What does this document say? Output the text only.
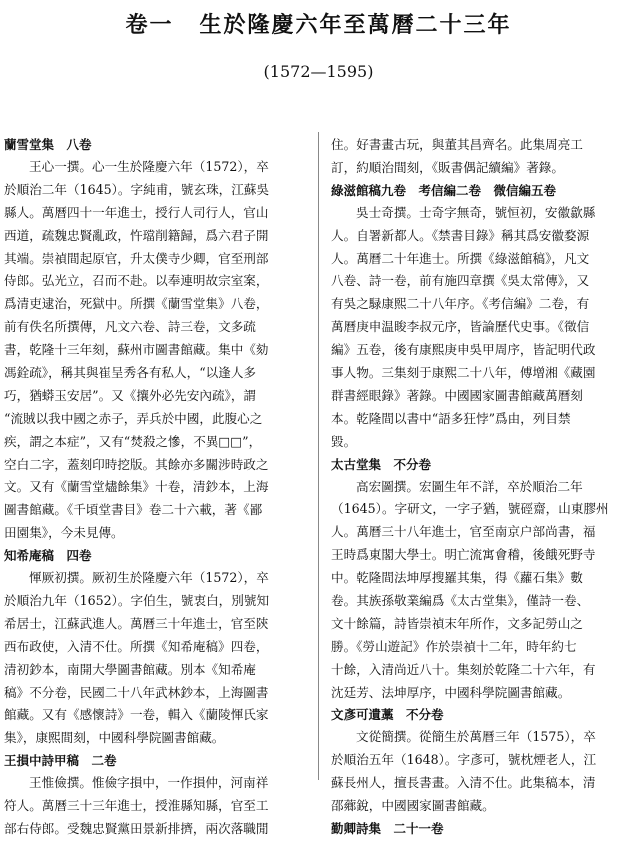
卷一 生於隆慶六年至萬曆二十三年
(1572—1595)
蘭雪堂集　八卷
王心一撰。心一生於隆慶六年（1572），卒
於順治二年（1645）。字純甫，號玄珠，江蘇吳
縣人。萬曆四十一年進士，授行人司行人，官山
西道，疏魏忠賢亂政，忤璫削籍歸，爲六君子開
其端。崇禎間起原官，升太僕寺少卿，官至刑部
侍郎。弘光立，召而不赴。以奉連明故宗室案，
爲清吏逮治，死獄中。所撰《蘭雪堂集》八卷，
前有佚名所撰傳，凡文六卷、詩三卷，文多疏
書，乾隆十三年刻，蘇州市圖書館藏。集中《劾
馮銓疏》，稱其與崔呈秀各有私人，“以逢人多
巧，猶蟒玉安居”。又《攘外必先安內疏》，謂
“流賊以我中國之赤子，弄兵於中國，此腹心之
疾，謂之本症”，又有“焚殺之慘，不異□□”，
空白二字，蓋刻印時挖版。其餘亦多關涉時政之
文。又有《蘭雪堂燼餘集》十卷，清鈔本，上海
圖書館藏。《千頃堂書目》卷二十六載，著《鄙
田園集》，今未見傳。
知希庵稿　四卷
惲厥初撰。厥初生於隆慶六年（1572），卒
於順治九年（1652）。字伯生，號衷白，別號知
希居士，江蘇武進人。萬曆三十年進士，官至陝
西布政使，入清不仕。所撰《知希庵稿》四卷，
清初鈔本，南開大學圖書館藏。別本《知希庵
稿》不分卷，民國二十八年武林鈔本，上海圖書
館藏。又有《感懷詩》一卷，輯入《蘭陵惲氏家
集》，康熙間刻，中國科學院圖書館藏。
王損中詩甲稿　二卷
王惟儉撰。惟儉字損中，一作損仲，河南祥
符人。萬曆三十三年進士，授淮縣知縣，官至工
部右侍郎。受魏忠賢黨田景新排擠，兩次落職閒
住。好書畫古玩，與董其昌齊名。此集周亮工
訂，約順治間刻，《販書偶記續編》著錄。
綠滋館稿九卷　考信編二卷　微信編五卷
吳士奇撰。士奇字無奇，號恒初，安徽歙縣
人。自署新都人。《禁書目錄》稱其爲安徽婺源
人。萬曆二十年進士。所撰《綠滋館稿》，凡文
八卷、詩一卷，前有施四章撰《吳太常傳》，又
有吳之騄康熙二十八年序。《考信編》二卷，有
萬曆庚申温睃李叔元序，皆論歷代史事。《徵信
編》五卷，後有康熙庚申吳甲周序，皆記明代政
事人物。三集刻于康熙二十八年，傅增湘《藏園
群書經眼錄》著錄。中國國家圖書館藏萬曆刻
本。乾隆間以書中“語多狂悖”爲由，列目禁
毀。
太古堂集　不分卷
高宏圖撰。宏圖生年不詳，卒於順治二年
（1645）。字研文，一字子猶，號硜齋，山東膠州
人。萬曆三十八年進士，官至南京户部尚書，福
王時爲東閣大學士。明亡流寓會稽，後餓死野寺
中。乾隆間法坤厚搜羅其集，得《蘿石集》數
卷。其族孫敬業編爲《太古堂集》，僅詩一卷、
文十餘篇，詩皆崇禎末年所作，文多記勞山之
勝。《勞山遊記》作於崇禎十二年，時年約七
十餘，入清尚近八十。集刻於乾隆二十六年，有
沈廷芳、法坤厚序，中國科學院圖書館藏。
文彥可遺藁　不分卷
文從簡撰。從簡生於萬曆三年（1575），卒
於順治五年（1648）。字彥可，號枕煙老人，江
蘇長州人，擅長書畫。入清不仕。此集稿本，清
邵薌銳，中國國家圖書館藏。
勤卿詩集　二十一卷
